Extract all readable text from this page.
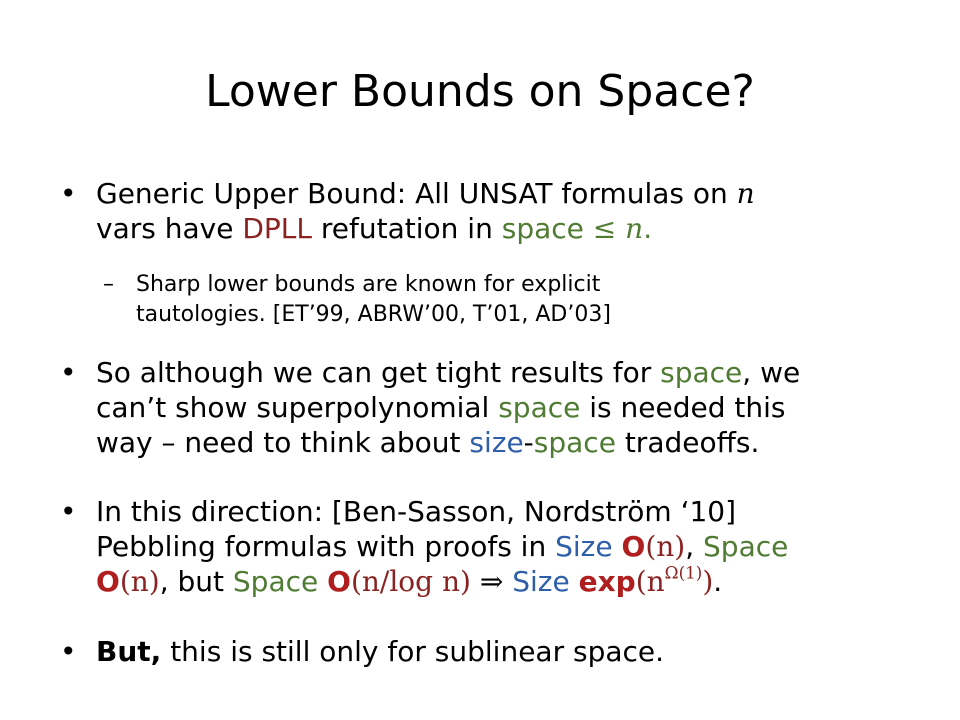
Lower Bounds on Space?
• Generic Upper Bound: All UNSAT formulas on n
vars have DPLL refutation in space ≤ n.
– Sharp lower bounds are known for explicit
tautologies. [ET’99, ABRW’00, T’01, AD’03]
• So although we can get tight results for space, we
can’t show superpolynomial space is needed this
way – need to think about size-space tradeoffs.
• In this direction: [Ben-Sasson, Nordström ‘10]
Pebbling formulas with proofs in Size O(n), Space
O(n), but Space O(n/log n) ⇒ Size $\exp(n^{\Omega(1)})$.
• But, this is still only for sublinear space.
